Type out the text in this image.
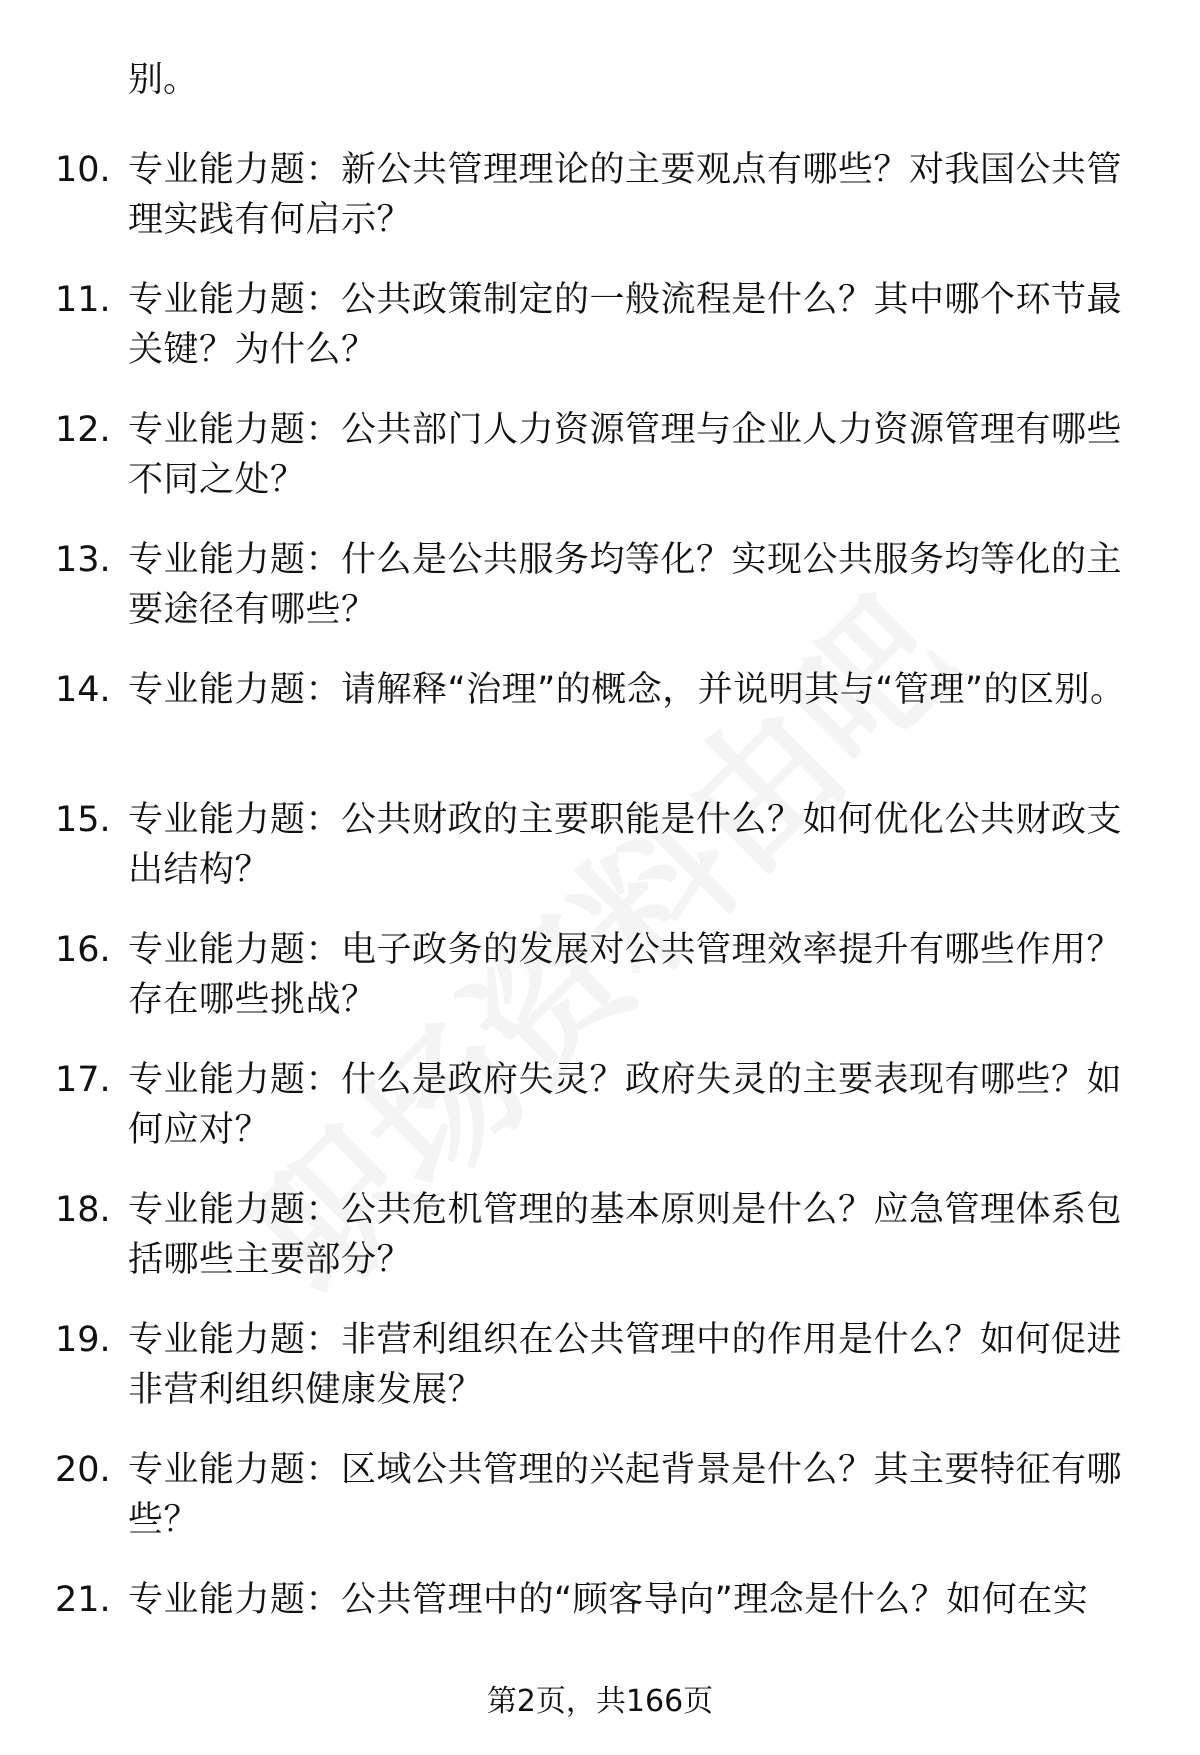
别。
10. 专业能力题：新公共管理理论的主要观点有哪些？对我国公共管理实践有何启示？
11. 专业能力题：公共政策制定的一般流程是什么？其中哪个环节最关键？为什么？
12. 专业能力题：公共部门人力资源管理与企业人力资源管理有哪些不同之处？
13. 专业能力题：什么是公共服务均等化？实现公共服务均等化的主要途径有哪些？
14. 专业能力题：请解释“治理”的概念，并说明其与“管理”的区别。
15. 专业能力题：公共财政的主要职能是什么？如何优化公共财政支出结构？
16. 专业能力题：电子政务的发展对公共管理效率提升有哪些作用？存在哪些挑战？
17. 专业能力题：什么是政府失灵？政府失灵的主要表现有哪些？如何应对？
18. 专业能力题：公共危机管理的基本原则是什么？应急管理体系包括哪些主要部分？
19. 专业能力题：非营利组织在公共管理中的作用是什么？如何促进非营利组织健康发展？
20. 专业能力题：区域公共管理的兴起背景是什么？其主要特征有哪些？
21. 专业能力题：公共管理中的“顾客导向”理念是什么？如何在实
第2页，共166页
